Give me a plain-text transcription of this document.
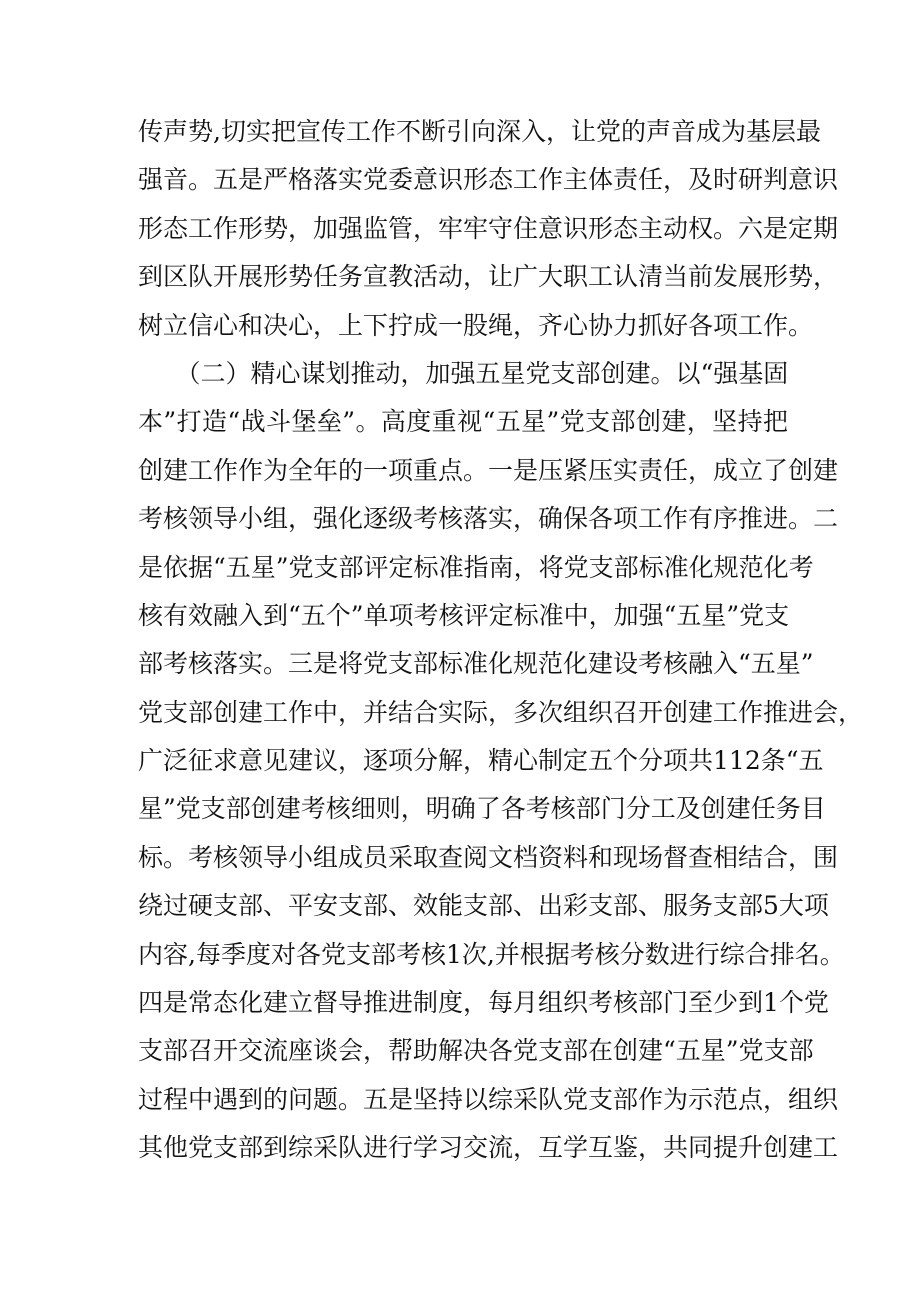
传声势,切实把宣传工作不断引向深入，让党的声音成为基层最
强音。五是严格落实党委意识形态工作主体责任，及时研判意识
形态工作形势，加强监管，牢牢守住意识形态主动权。六是定期
到区队开展形势任务宣教活动，让广大职工认清当前发展形势，
树立信心和决心，上下拧成一股绳，齐心协力抓好各项工作。
　　（二）精心谋划推动，加强五星党支部创建。以“强基固
本”打造“战斗堡垒”。高度重视“五星”党支部创建，坚持把
创建工作作为全年的一项重点。一是压紧压实责任，成立了创建
考核领导小组，强化逐级考核落实，确保各项工作有序推进。二
是依据“五星”党支部评定标准指南，将党支部标准化规范化考
核有效融入到“五个”单项考核评定标准中，加强“五星”党支
部考核落实。三是将党支部标准化规范化建设考核融入“五星”
党支部创建工作中，并结合实际，多次组织召开创建工作推进会，
广泛征求意见建议，逐项分解，精心制定五个分项共112条“五
星”党支部创建考核细则，明确了各考核部门分工及创建任务目
标。考核领导小组成员采取查阅文档资料和现场督查相结合，围
绕过硬支部、平安支部、效能支部、出彩支部、服务支部5大项
内容,每季度对各党支部考核1次,并根据考核分数进行综合排名。
四是常态化建立督导推进制度，每月组织考核部门至少到1个党
支部召开交流座谈会，帮助解决各党支部在创建“五星”党支部
过程中遇到的问题。五是坚持以综采队党支部作为示范点，组织
其他党支部到综采队进行学习交流，互学互鉴，共同提升创建工
